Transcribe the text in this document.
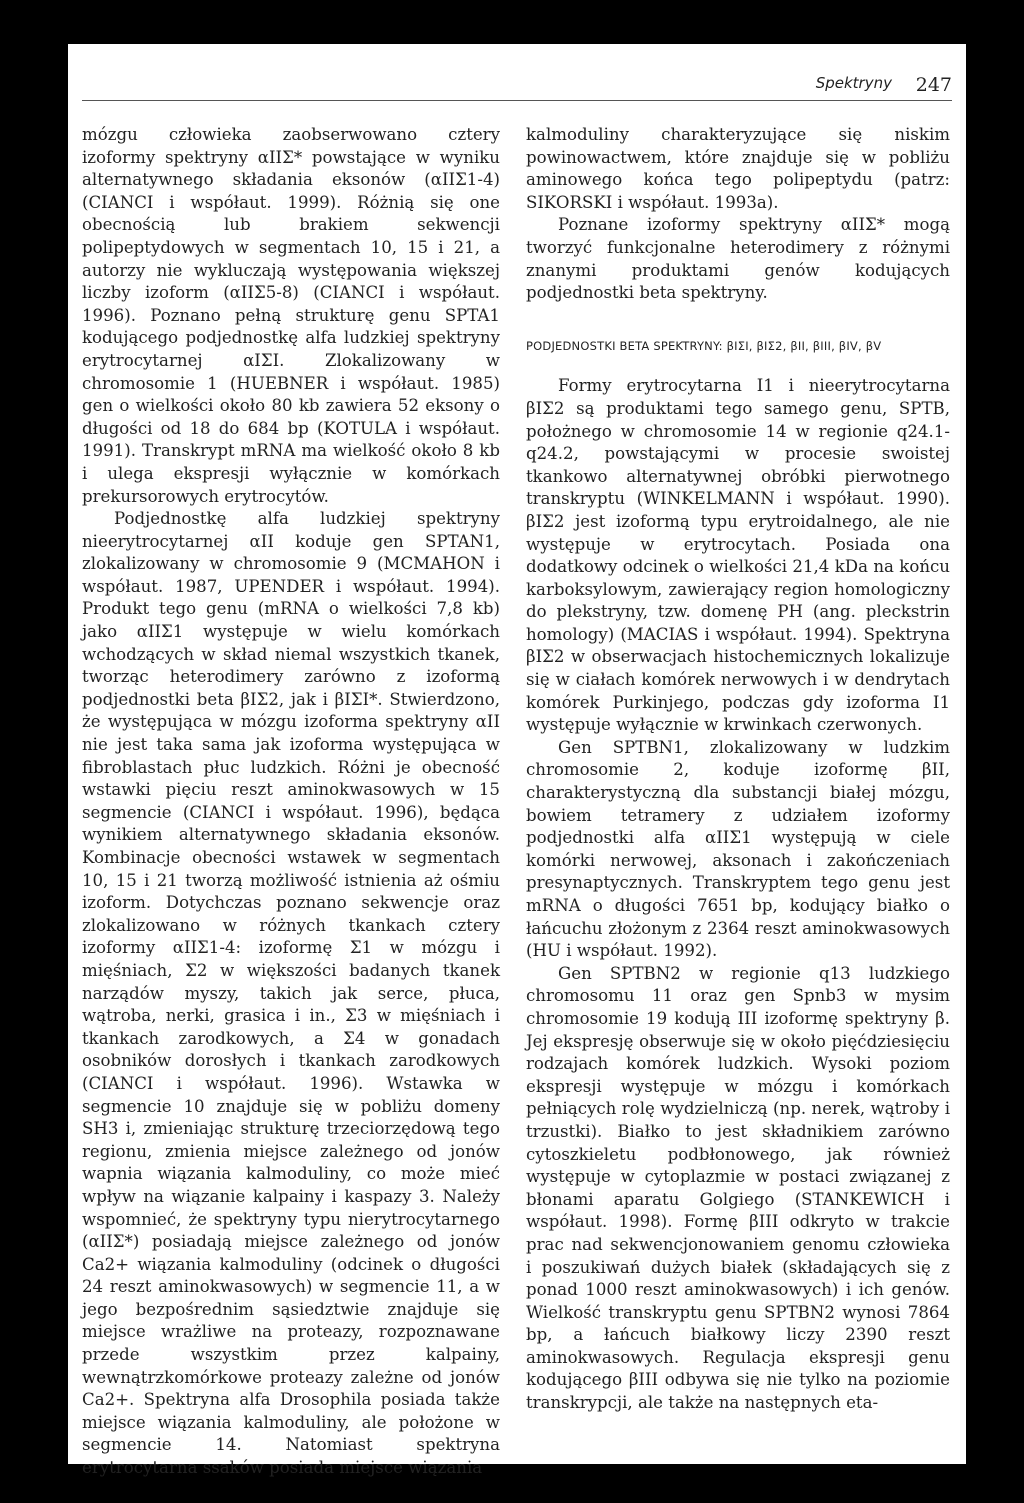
Spektryny 247

mózgu człowieka zaobserwowano cztery izoformy spektryny αIIΣ* powstające w wyniku alternatywnego składania eksonów (αIIΣ1-4) (CIANCI i współaut. 1999). Różnią się one obecnością lub brakiem sekwencji polipeptydowych w segmentach 10, 15 i 21, a autorzy nie wykluczają występowania większej liczby izoform (αIIΣ5-8) (CIANCI i współaut. 1996). Poznano pełną strukturę genu SPTA1 kodującego podjednostkę alfa ludzkiej spektryny erytrocytarnej αIΣI. Zlokalizowany w chromosomie 1 (HUEBNER i współaut. 1985) gen o wielkości około 80 kb zawiera 52 eksony o długości od 18 do 684 bp (KOTULA i współaut. 1991). Transkrypt mRNA ma wielkość około 8 kb i ulega ekspresji wyłącznie w komórkach prekursorowych erytrocytów.

Podjednostkę alfa ludzkiej spektryny nieerytrocytarnej αII koduje gen SPTAN1, zlokalizowany w chromosomie 9 (MCMAHON i współaut. 1987, UPENDER i współaut. 1994). Produkt tego genu (mRNA o wielkości 7,8 kb) jako αIIΣ1 występuje w wielu komórkach wchodzących w skład niemal wszystkich tkanek, tworząc heterodimery zarówno z izoformą podjednostki beta βIΣ2, jak i βIΣI*. Stwierdzono, że występująca w mózgu izoforma spektryny αII nie jest taka sama jak izoforma występująca w fibroblastach płuc ludzkich. Różni je obecność wstawki pięciu reszt aminokwasowych w 15 segmencie (CIANCI i współaut. 1996), będąca wynikiem alternatywnego składania eksonów. Kombinacje obecności wstawek w segmentach 10, 15 i 21 tworzą możliwość istnienia aż ośmiu izoform. Dotychczas poznano sekwencje oraz zlokalizowano w różnych tkankach cztery izoformy αIIΣ1-4: izoformę Σ1 w mózgu i mięśniach, Σ2 w większości badanych tkanek narządów myszy, takich jak serce, płuca, wątroba, nerki, grasica i in., Σ3 w mięśniach i tkankach zarodkowych, a Σ4 w gonadach osobników dorosłych i tkankach zarodkowych (CIANCI i współaut. 1996). Wstawka w segmencie 10 znajduje się w pobliżu domeny SH3 i, zmieniając strukturę trzeciorzędową tego regionu, zmienia miejsce zależnego od jonów wapnia wiązania kalmoduliny, co może mieć wpływ na wiązanie kalpainy i kaspazy 3. Należy wspomnieć, że spektryny typu nierytrocytarnego (αIIΣ*) posiadają miejsce zależnego od jonów Ca2+ wiązania kalmoduliny (odcinek o długości 24 reszt aminokwasowych) w segmencie 11, a w jego bezpośrednim sąsiedztwie znajduje się miejsce wrażliwe na proteazy, rozpoznawane przede wszystkim przez kalpainy, wewnątrzkomórkowe proteazy zależne od jonów Ca2+. Spektryna alfa Drosophila posiada także miejsce wiązania kalmoduliny, ale położone w segmencie 14. Natomiast spektryna erytrocytarna ssaków posiada miejsce wiązania

kalmoduliny charakteryzujące się niskim powinowactwem, które znajduje się w pobliżu aminowego końca tego polipeptydu (patrz: SIKORSKI i współaut. 1993a).

Poznane izoformy spektryny αIIΣ* mogą tworzyć funkcjonalne heterodimery z różnymi znanymi produktami genów kodujących podjednostki beta spektryny.

PODJEDNOSTKI BETA SPEKTRYNY: βIΣI, βIΣ2, βII, βIII, βIV, βV

Formy erytrocytarna I1 i nieerytrocytarna βIΣ2 są produktami tego samego genu, SPTB, położnego w chromosomie 14 w regionie q24.1-q24.2, powstającymi w procesie swoistej tkankowo alternatywnej obróbki pierwotnego transkryptu (WINKELMANN i współaut. 1990). βIΣ2 jest izoformą typu erytroidalnego, ale nie występuje w erytrocytach. Posiada ona dodatkowy odcinek o wielkości 21,4 kDa na końcu karboksylowym, zawierający region homologiczny do plekstryny, tzw. domenę PH (ang. pleckstrin homology) (MACIAS i współaut. 1994). Spektryna βIΣ2 w obserwacjach histochemicznych lokalizuje się w ciałach komórek nerwowych i w dendrytach komórek Purkinjego, podczas gdy izoforma I1 występuje wyłącznie w krwinkach czerwonych.

Gen SPTBN1, zlokalizowany w ludzkim chromosomie 2, koduje izoformę βII, charakterystyczną dla substancji białej mózgu, bowiem tetramery z udziałem izoformy podjednostki alfa αIIΣ1 występują w ciele komórki nerwowej, aksonach i zakończeniach presynaptycznych. Transkryptem tego genu jest mRNA o długości 7651 bp, kodujący białko o łańcuchu złożonym z 2364 reszt aminokwasowych (HU i współaut. 1992).

Gen SPTBN2 w regionie q13 ludzkiego chromosomu 11 oraz gen Spnb3 w mysim chromosomie 19 kodują III izoformę spektryny β. Jej ekspresję obserwuje się w około pięćdziesięciu rodzajach komórek ludzkich. Wysoki poziom ekspresji występuje w mózgu i komórkach pełniących rolę wydzielniczą (np. nerek, wątroby i trzustki). Białko to jest składnikiem zarówno cytoszkieletu podbłonowego, jak również występuje w cytoplazmie w postaci związanej z błonami aparatu Golgiego (STANKEWICH i współaut. 1998). Formę βIII odkryto w trakcie prac nad sekwencjonowaniem genomu człowieka i poszukiwań dużych białek (składających się z ponad 1000 reszt aminokwasowych) i ich genów. Wielkość transkryptu genu SPTBN2 wynosi 7864 bp, a łańcuch białkowy liczy 2390 reszt aminokwasowych. Regulacja ekspresji genu kodującego βIII odbywa się nie tylko na poziomie transkrypcji, ale także na następnych eta-
